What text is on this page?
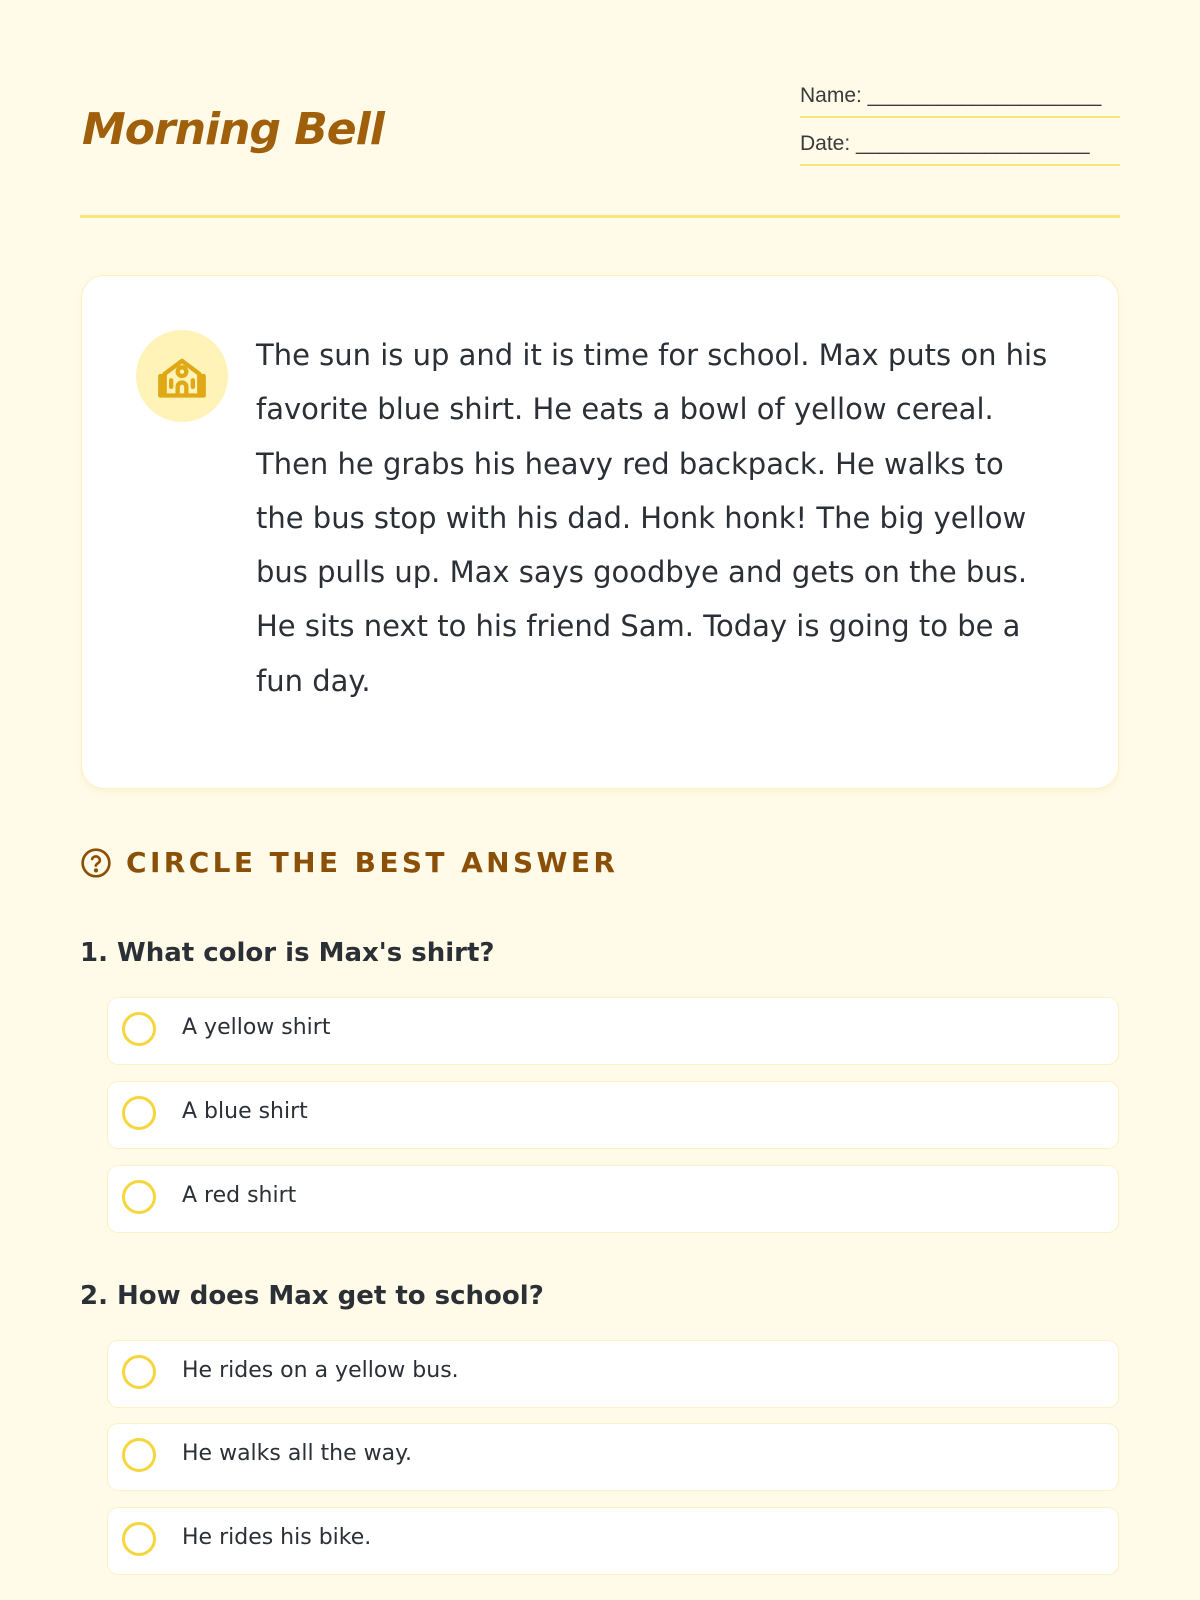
Morning Bell
Name: ____________________
Date: ____________________

The sun is up and it is time for school. Max puts on his favorite blue shirt. He eats a bowl of yellow cereal. Then he grabs his heavy red backpack. He walks to the bus stop with his dad. Honk honk! The big yellow bus pulls up. Max says goodbye and gets on the bus. He sits next to his friend Sam. Today is going to be a fun day.

CIRCLE THE BEST ANSWER

1. What color is Max's shirt?

A yellow shirt
A blue shirt
A red shirt

2. How does Max get to school?

He rides on a yellow bus.
He walks all the way.
He rides his bike.
